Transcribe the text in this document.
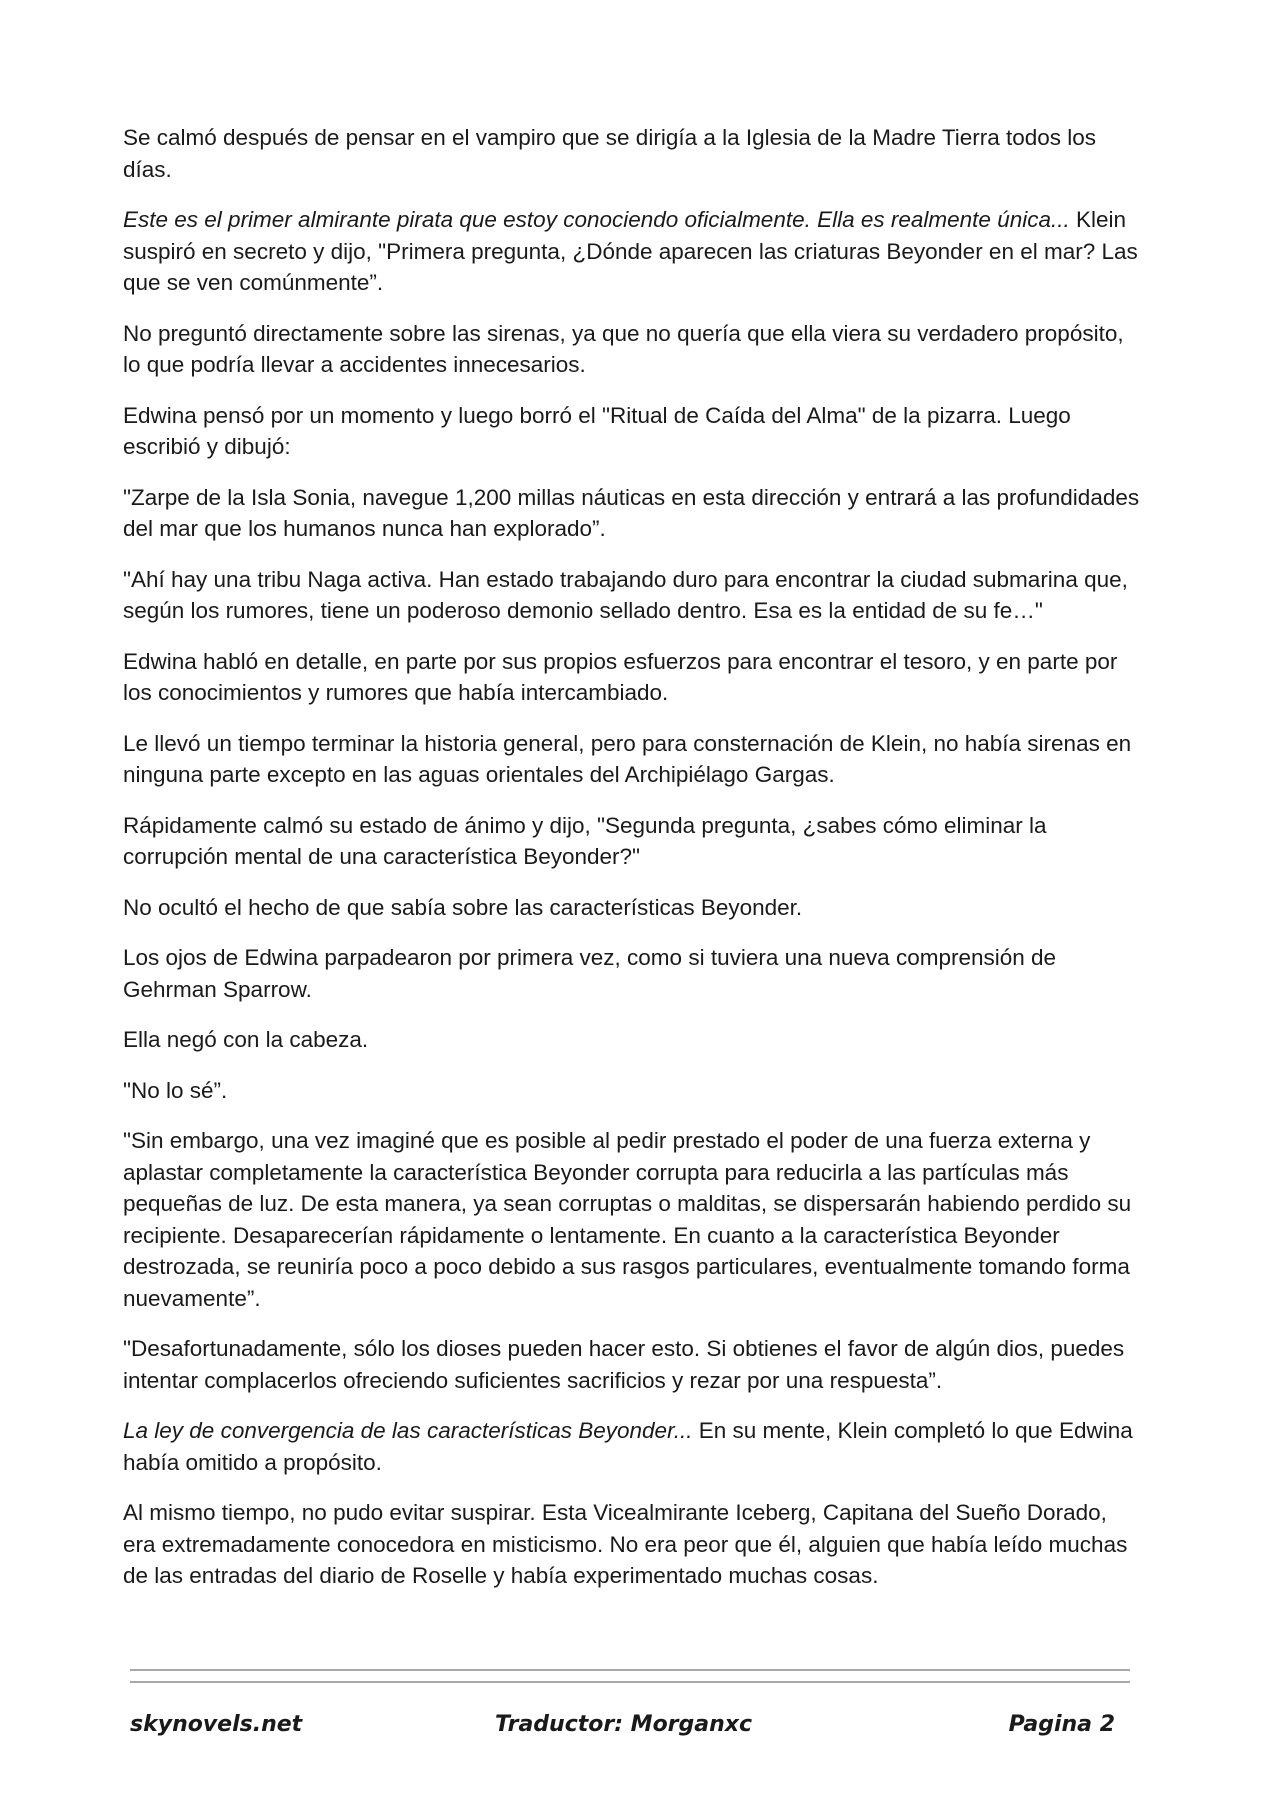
Se calmó después de pensar en el vampiro que se dirigía a la Iglesia de la Madre Tierra todos los días.

Este es el primer almirante pirata que estoy conociendo oficialmente. Ella es realmente única... Klein suspiró en secreto y dijo, "Primera pregunta, ¿Dónde aparecen las criaturas Beyonder en el mar? Las que se ven comúnmente”.

No preguntó directamente sobre las sirenas, ya que no quería que ella viera su verdadero propósito, lo que podría llevar a accidentes innecesarios.

Edwina pensó por un momento y luego borró el "Ritual de Caída del Alma" de la pizarra. Luego escribió y dibujó:

"Zarpe de la Isla Sonia, navegue 1,200 millas náuticas en esta dirección y entrará a las profundidades del mar que los humanos nunca han explorado”.

"Ahí hay una tribu Naga activa. Han estado trabajando duro para encontrar la ciudad submarina que, según los rumores, tiene un poderoso demonio sellado dentro. Esa es la entidad de su fe…"

Edwina habló en detalle, en parte por sus propios esfuerzos para encontrar el tesoro, y en parte por los conocimientos y rumores que había intercambiado.

Le llevó un tiempo terminar la historia general, pero para consternación de Klein, no había sirenas en ninguna parte excepto en las aguas orientales del Archipiélago Gargas.

Rápidamente calmó su estado de ánimo y dijo, "Segunda pregunta, ¿sabes cómo eliminar la corrupción mental de una característica Beyonder?"

No ocultó el hecho de que sabía sobre las características Beyonder.

Los ojos de Edwina parpadearon por primera vez, como si tuviera una nueva comprensión de Gehrman Sparrow.

Ella negó con la cabeza.

"No lo sé”.

"Sin embargo, una vez imaginé que es posible al pedir prestado el poder de una fuerza externa y aplastar completamente la característica Beyonder corrupta para reducirla a las partículas más pequeñas de luz. De esta manera, ya sean corruptas o malditas, se dispersarán habiendo perdido su recipiente. Desaparecerían rápidamente o lentamente. En cuanto a la característica Beyonder destrozada, se reuniría poco a poco debido a sus rasgos particulares, eventualmente tomando forma nuevamente”.

"Desafortunadamente, sólo los dioses pueden hacer esto. Si obtienes el favor de algún dios, puedes intentar complacerlos ofreciendo suficientes sacrificios y rezar por una respuesta”.

La ley de convergencia de las características Beyonder... En su mente, Klein completó lo que Edwina había omitido a propósito.

Al mismo tiempo, no pudo evitar suspirar. Esta Vicealmirante Iceberg, Capitana del Sueño Dorado, era extremadamente conocedora en misticismo. No era peor que él, alguien que había leído muchas de las entradas del diario de Roselle y había experimentado muchas cosas.

skynovels.net	Traductor: Morganxc	Pagina 2
